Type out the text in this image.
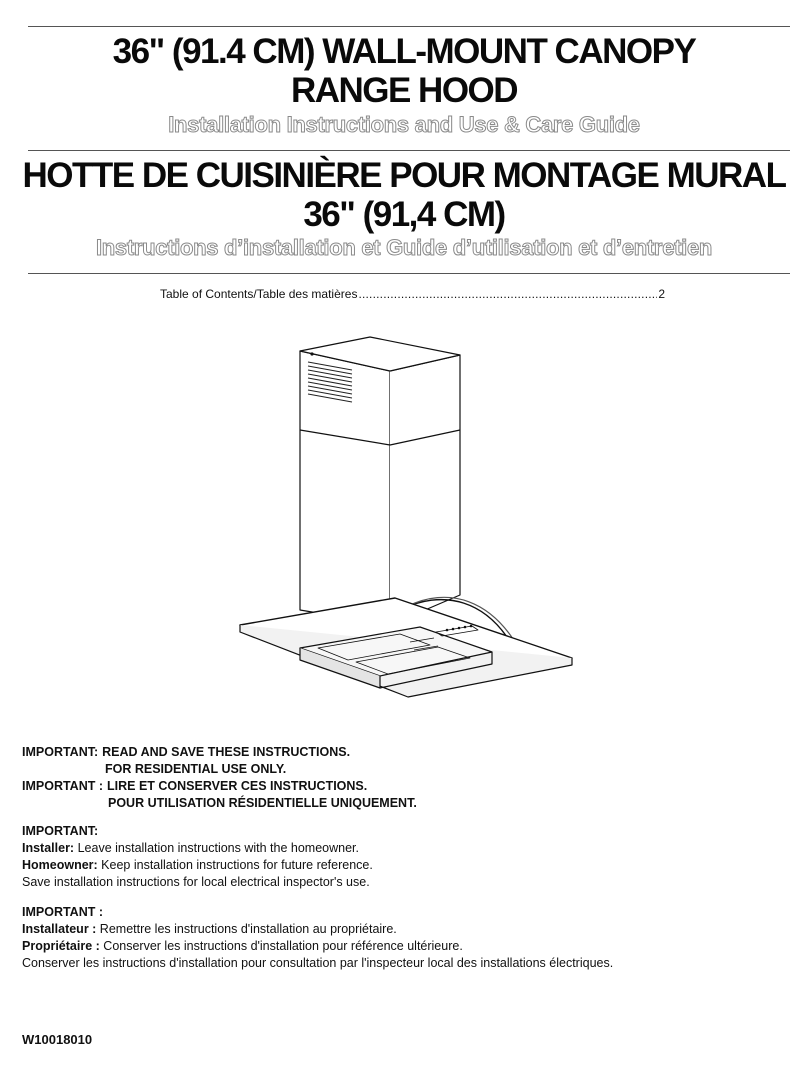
36" (91.4 CM) WALL-MOUNT CANOPY
RANGE HOOD
Installation Instructions and Use & Care Guide
HOTTE DE CUISINIÈRE POUR MONTAGE MURAL
36" (91,4 CM)
Instructions d’installation et Guide d’utilisation et d’entretien
Table of Contents/Table des matières
.....	2
IMPORTANT: READ AND SAVE THESE INSTRUCTIONS.
FOR RESIDENTIAL USE ONLY.
IMPORTANT : LIRE ET CONSERVER CES INSTRUCTIONS.
POUR UTILISATION RÉSIDENTIELLE UNIQUEMENT.
IMPORTANT:
Installer: Leave installation instructions with the homeowner.
Homeowner: Keep installation instructions for future reference.
Save installation instructions for local electrical inspector's use.
IMPORTANT :
Installateur : Remettre les instructions d'installation au propriétaire.
Propriétaire : Conserver les instructions d'installation pour référence ultérieure.
Conserver les instructions d'installation pour consultation par l'inspecteur local des installations électriques.
W10018010
